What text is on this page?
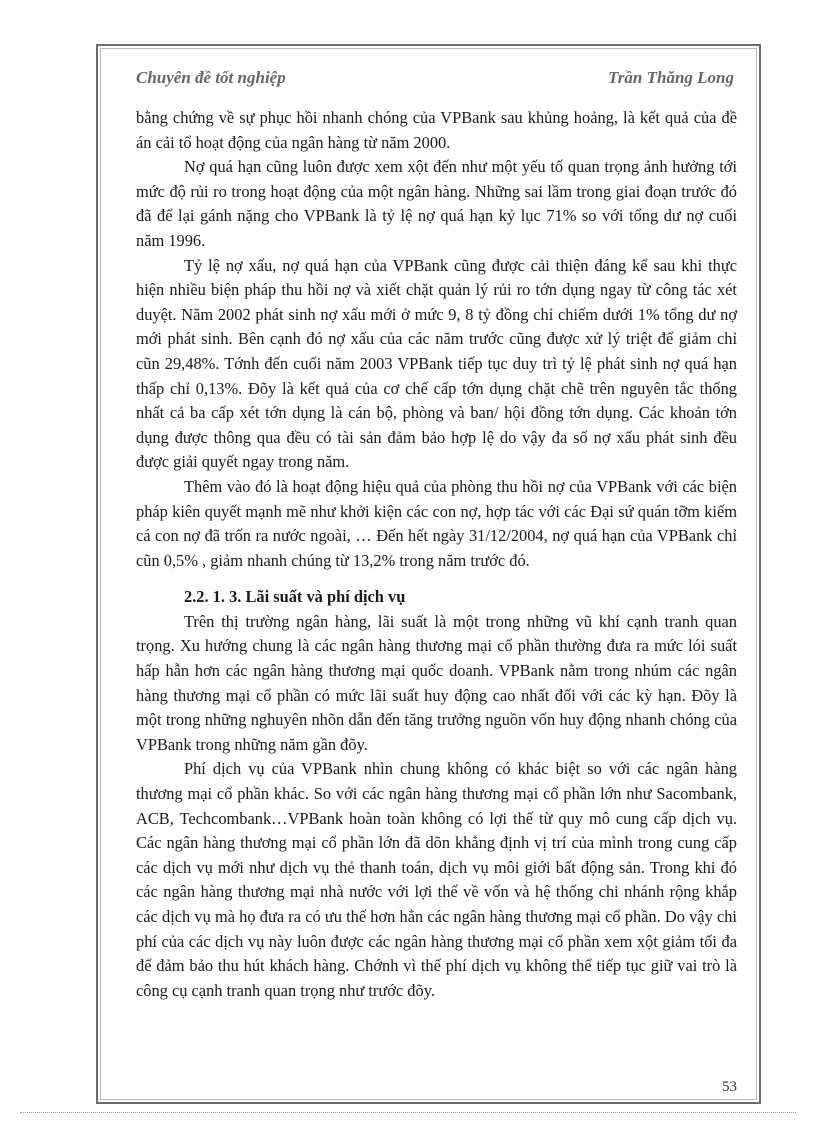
Chuyên đề tốt nghiệp	Trần Thăng Long

bằng chứng về sự phục hồi nhanh chóng của VPBank sau khủng hoảng, là kết quả của đề án cải tổ hoạt động của ngân hàng từ năm 2000.

Nợ quá hạn cũng luôn được xem xột đến như một yếu tố quan trọng ảnh hưởng tới mức độ rủi ro trong hoạt động của một ngân hàng. Những sai lầm trong giai đoạn trước đó đã để lại gánh nặng cho VPBank là tỷ lệ nợ quá hạn kỷ lục 71% so với tổng dư nợ cuối năm 1996.

Tỷ lệ nợ xấu, nợ quá hạn của VPBank cũng được cải thiện đáng kể sau khi thực hiện nhiều biện pháp thu hồi nợ và xiết chặt quản lý rủi ro tớn dụng ngay từ công tác xét duyệt. Năm 2002 phát sinh nợ xấu mới ở mức 9, 8 tỷ đồng chỉ chiếm dưới 1% tổng dư nợ mới phát sinh. Bên cạnh đó nợ xấu của các năm trước cũng được xử lý triệt để giảm chỉ cũn 29,48%. Tớnh đến cuối năm 2003 VPBank tiếp tục duy trì tỷ lệ phát sinh nợ quá hạn thấp chỉ 0,13%. Đõy là kết quả của cơ chế cấp tớn dụng chặt chẽ trên nguyên tắc thống nhất cả ba cấp xét tớn dụng là cán bộ, phòng và ban/ hội đồng tớn dụng. Các khoản tớn dụng được thông qua đều có tài sản đảm bảo hợp lệ do vậy đa số nợ xấu phát sinh đều được giải quyết ngay trong năm.

Thêm vào đó là hoạt động hiệu quả của phòng thu hồi nợ của VPBank với các biện pháp kiên quyết mạnh mẽ như khởi kiện các con nợ, hợp tác với các Đại sứ quán tỡm kiếm cá con nợ đã trốn ra nước ngoài, … Đến hết ngày 31/12/2004, nợ quá hạn của VPBank chỉ cũn 0,5% , giảm nhanh chúng từ 13,2% trong năm trước đó.

2.2. 1. 3. Lãi suất và phí dịch vụ

Trên thị trường ngân hàng, lãi suất là một trong những vũ khí cạnh tranh quan trọng. Xu hướng chung là các ngân hàng thương mại cổ phần thường đưa ra mức lói suất hấp hẫn hơn các ngân hàng thương mại quốc doanh. VPBank nằm trong nhúm các ngân hàng thương mại cổ phần có mức lãi suất huy động cao nhất đối với các kỳ hạn. Đõy là một trong những nghuyên nhõn dẫn đến tăng trưởng nguồn vốn huy động nhanh chóng của VPBank trong những năm gần đõy.

Phí dịch vụ của VPBank nhìn chung không có khác biệt so với các ngân hàng thương mại cổ phần khác. So với các ngân hàng thương mại cổ phần lớn như Sacombank, ACB, Techcombank…VPBank hoàn toàn không có lợi thế từ quy mô cung cấp dịch vụ. Các ngân hàng thương mại cổ phần lớn đã dõn khẳng định vị trí của mình trong cung cấp các dịch vụ mới như dịch vụ thẻ thanh toán, dịch vụ môi giới bất động sản. Trong khi đó các ngân hàng thương mại nhà nước với lợi thế về vốn và hệ thống chi nhánh rộng khắp các dịch vụ mà họ đưa ra có ưu thế hơn hẳn các ngân hàng thương mại cổ phần. Do vậy chi phí của các dịch vụ này luôn được các ngân hàng thương mại cổ phần xem xột giảm tối đa để đảm bảo thu hút khách hàng. Chớnh vì thế phí dịch vụ không thể tiếp tục giữ vai trò là công cụ cạnh tranh quan trọng như trước đõy.

53
